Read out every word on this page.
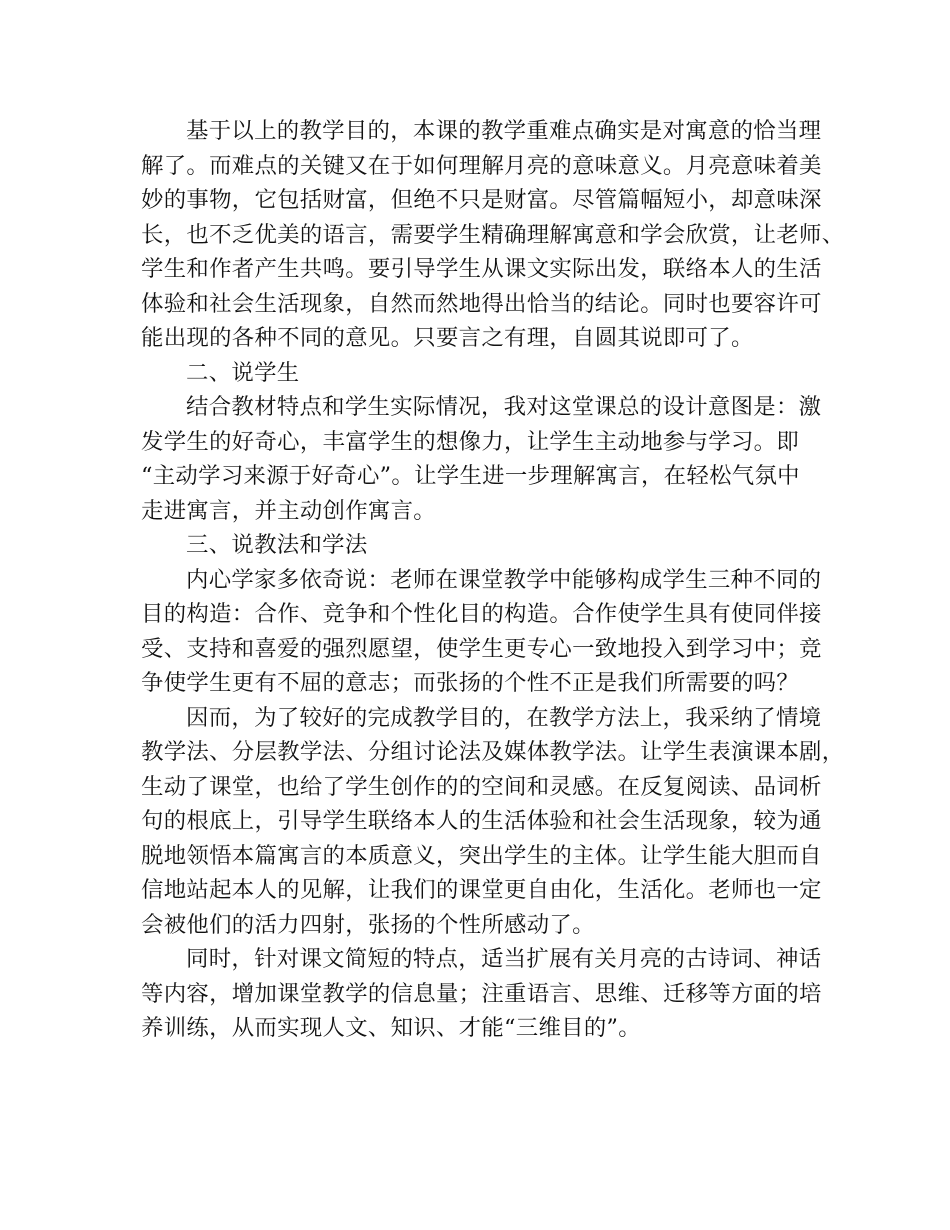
基于以上的教学目的，本课的教学重难点确实是对寓意的恰当理
解了。而难点的关键又在于如何理解月亮的意味意义。月亮意味着美
妙的事物，它包括财富，但绝不只是财富。尽管篇幅短小，却意味深
长，也不乏优美的语言，需要学生精确理解寓意和学会欣赏，让老师、
学生和作者产生共鸣。要引导学生从课文实际出发，联络本人的生活
体验和社会生活现象，自然而然地得出恰当的结论。同时也要容许可
能出现的各种不同的意见。只要言之有理，自圆其说即可了。
二、说学生
结合教材特点和学生实际情况，我对这堂课总的设计意图是：激
发学生的好奇心，丰富学生的想像力，让学生主动地参与学习。即
“主动学习来源于好奇心”。让学生进一步理解寓言，在轻松气氛中
走进寓言，并主动创作寓言。
三、说教法和学法
内心学家多依奇说：老师在课堂教学中能够构成学生三种不同的
目的构造：合作、竞争和个性化目的构造。合作使学生具有使同伴接
受、支持和喜爱的强烈愿望，使学生更专心一致地投入到学习中；竞
争使学生更有不屈的意志；而张扬的个性不正是我们所需要的吗？
因而，为了较好的完成教学目的，在教学方法上，我采纳了情境
教学法、分层教学法、分组讨论法及媒体教学法。让学生表演课本剧，
生动了课堂，也给了学生创作的的空间和灵感。在反复阅读、品词析
句的根底上，引导学生联络本人的生活体验和社会生活现象，较为通
脱地领悟本篇寓言的本质意义，突出学生的主体。让学生能大胆而自
信地站起本人的见解，让我们的课堂更自由化，生活化。老师也一定
会被他们的活力四射，张扬的个性所感动了。
同时，针对课文简短的特点，适当扩展有关月亮的古诗词、神话
等内容，增加课堂教学的信息量；注重语言、思维、迁移等方面的培
养训练，从而实现人文、知识、才能“三维目的”。
